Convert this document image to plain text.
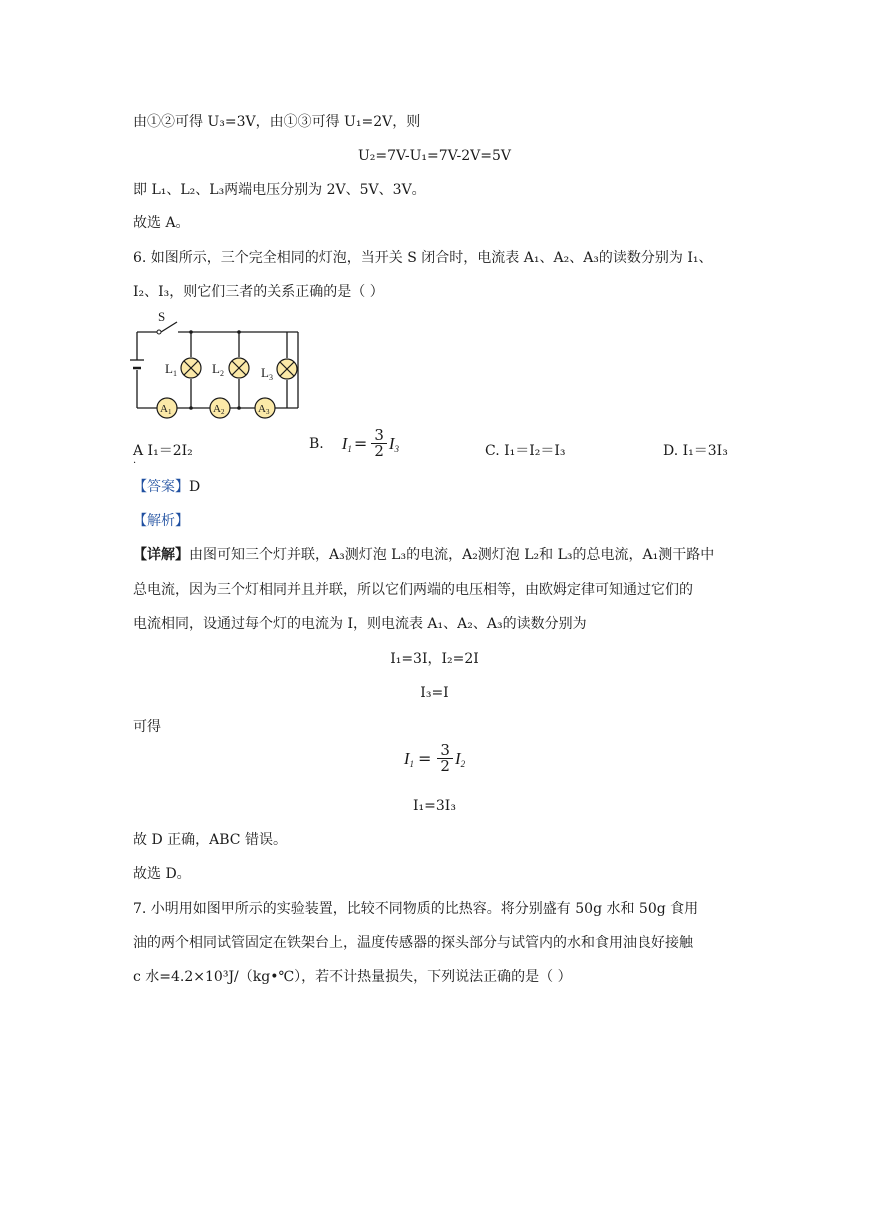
由①②可得 U₃=3V，由①③可得 U₁=2V，则
U₂=7V-U₁=7V-2V=5V
即 L₁、L₂、L₃两端电压分别为 2V、5V、3V。
故选 A。
6. 如图所示，三个完全相同的灯泡，当开关 S 闭合时，电流表 A₁、A₂、A₃的读数分别为 I₁、
I₂、I₃，则它们三者的关系正确的是（ ）
S
$L_1$	$L_2$	$L_3$
A1	A2	A3
A I₁＝2I₂
·
B. $I_1 = \frac{3}{2} I_3$	C. I₁＝I₂＝I₃	D. I₁＝3I₃
【答案】D
【解析】
【详解】由图可知三个灯并联，A₃测灯泡 L₃的电流，A₂测灯泡 L₂和 L₃的总电流，A₁测干路中
总电流，因为三个灯相同并且并联，所以它们两端的电压相等，由欧姆定律可知通过它们的
电流相同，设通过每个灯的电流为 I，则电流表 A₁、A₂、A₃的读数分别为
I₁=3I，I₂=2I
I₃=I
可得
$I_1 = \frac{3}{2} I_2$
I₁=3I₃
故 D 正确，ABC 错误。
故选 D。
7. 小明用如图甲所示的实验装置，比较不同物质的比热容。将分别盛有 50g 水和 50g 食用
油的两个相同试管固定在铁架台上，温度传感器的探头部分与试管内的水和食用油良好接触
c 水=4.2×10³J/（kg•℃），若不计热量损失，下列说法正确的是（ ）
